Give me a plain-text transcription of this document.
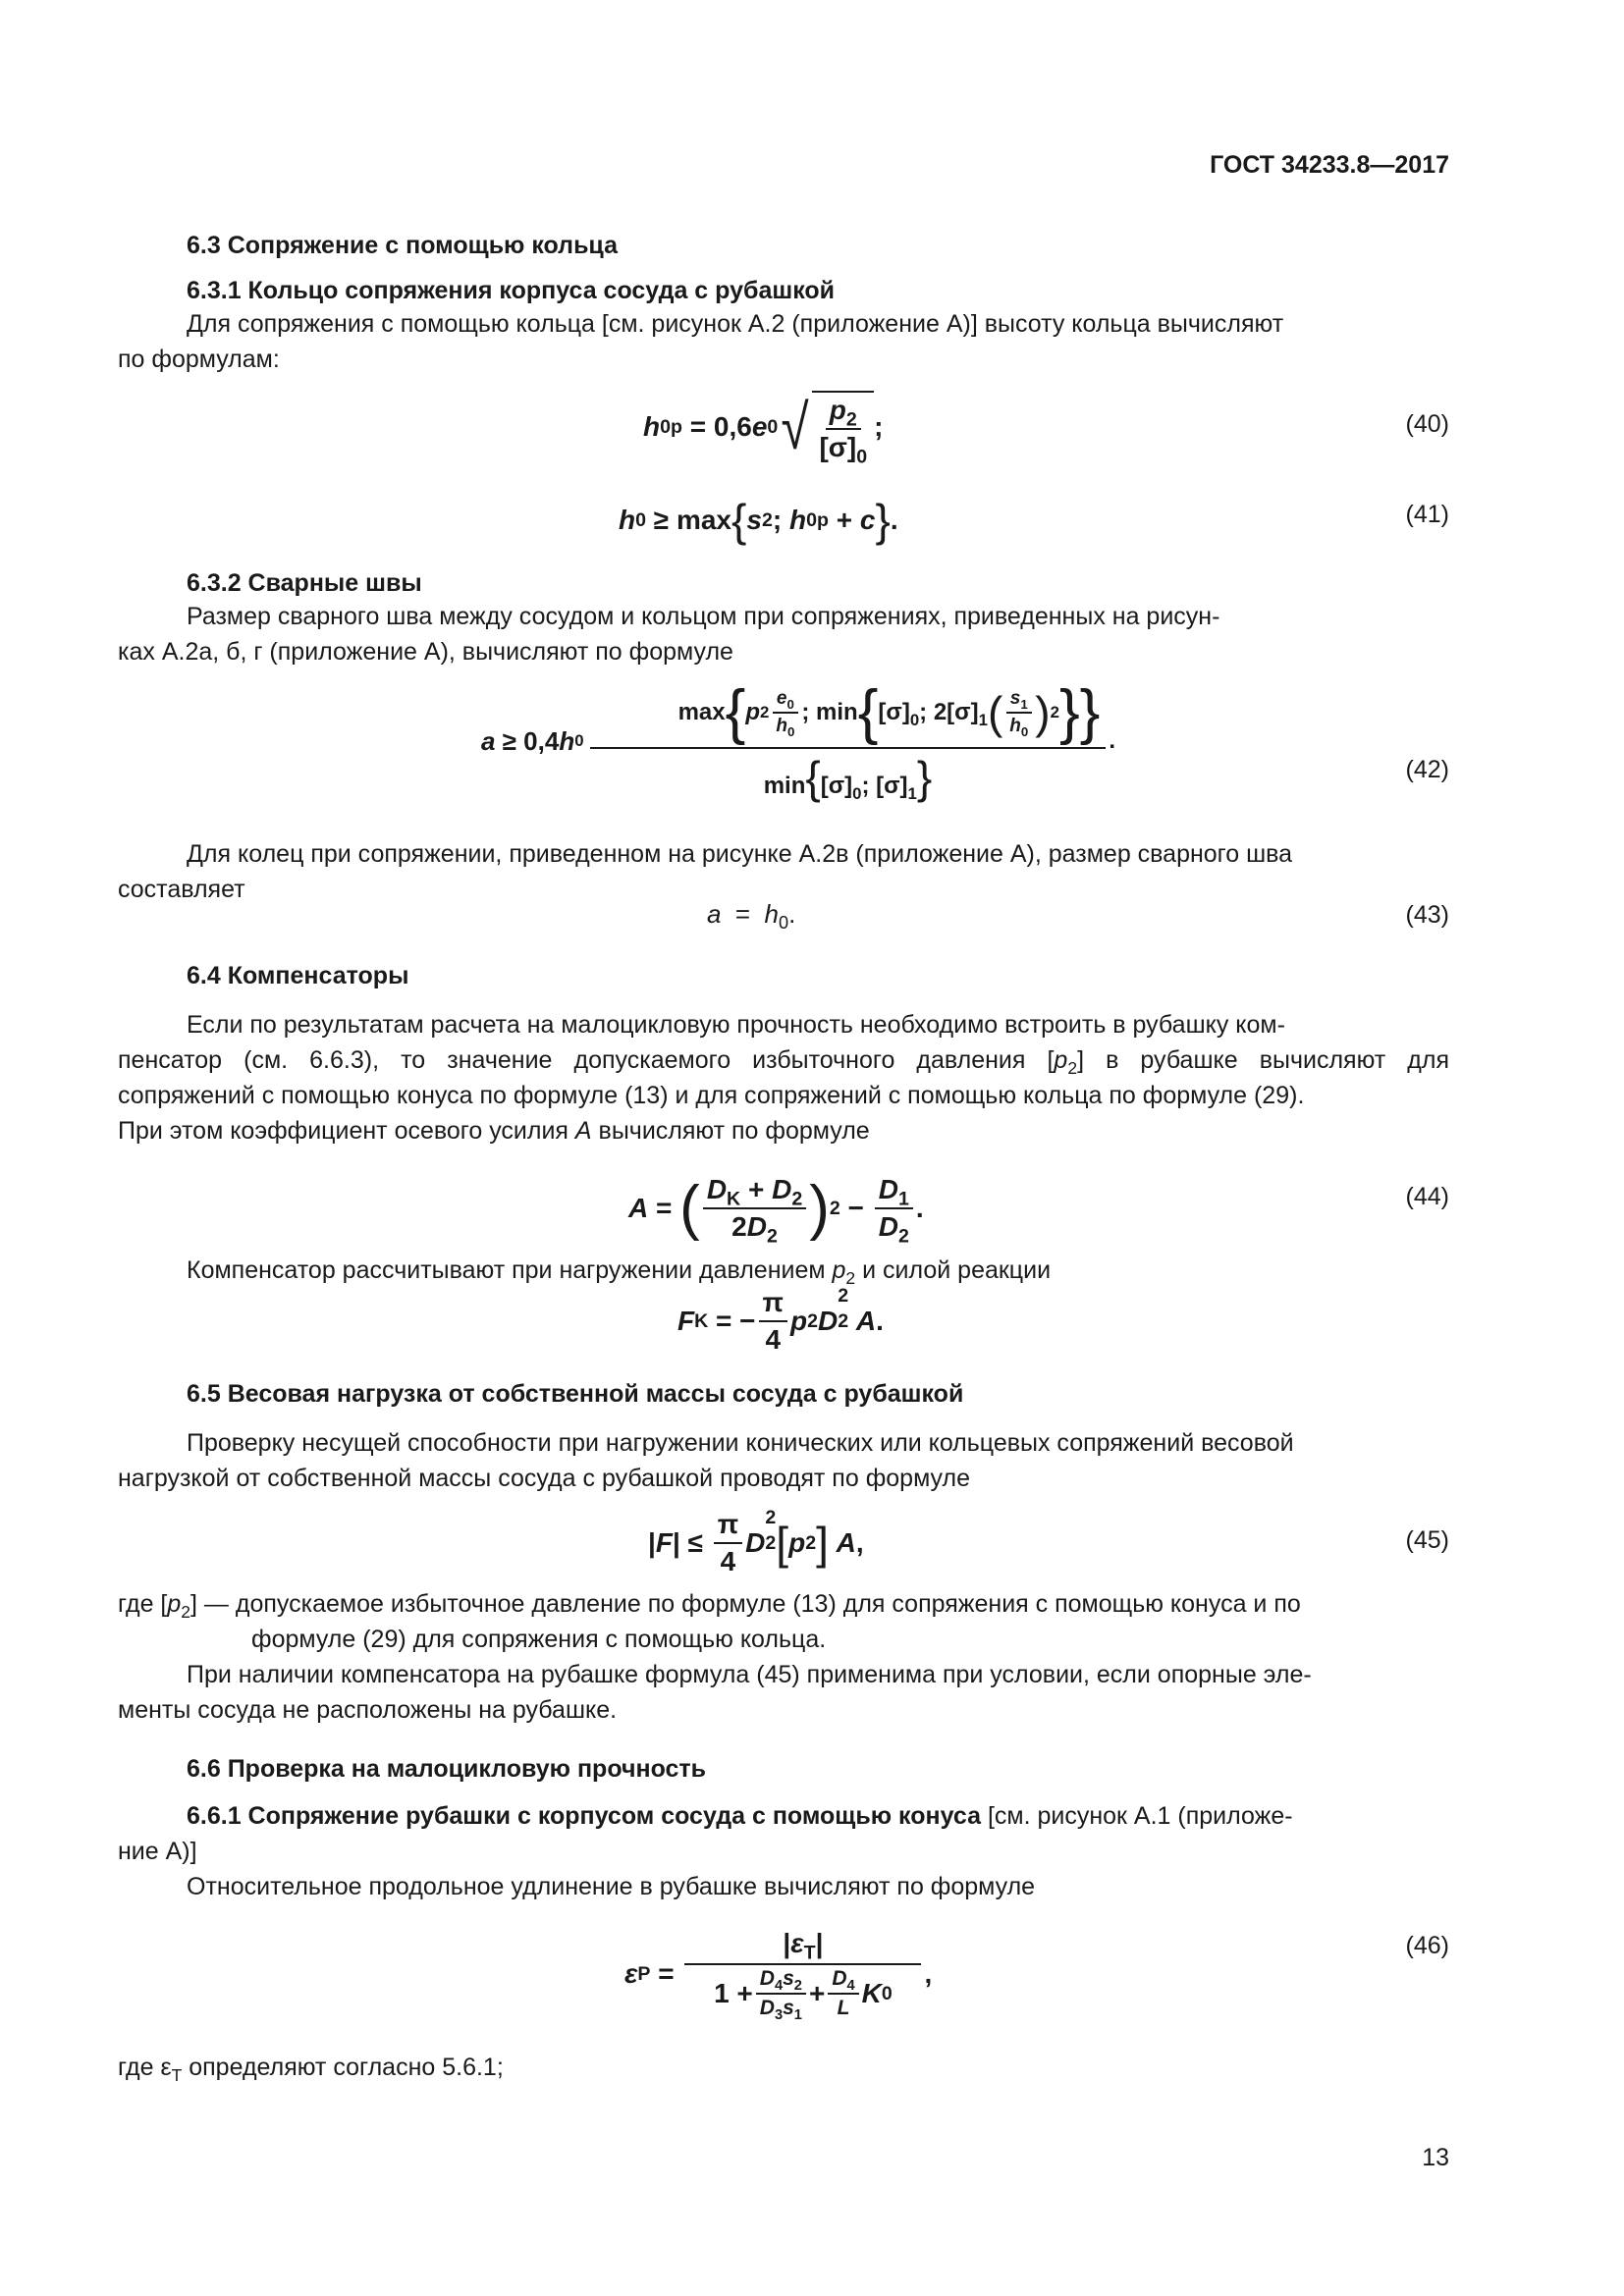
ГОСТ 34233.8—2017
6.3 Сопряжение с помощью кольца
6.3.1 Кольцо сопряжения корпуса сосуда с рубашкой
Для сопряжения с помощью кольца [см. рисунок А.2 (приложение А)] высоту кольца вычисляют
по формулам:
h 0p = 0,6 e 0 √ $\frac{p_2}{[\sigma]_0}$ ;	(40)
h 0 ≥ max { s 2 ; h 0p + c } .	(41)
6.3.2 Сварные швы
Размер сварного шва между сосудом и кольцом при сопряжениях, приведенных на рисун-
ках А.2а, б, г (приложение А), вычисляют по формуле
a ≥ 0,4 h 0
max { p $2 \frac{e_0}{h_0}$ ; min { $[\sigma]_0$; $2[\sigma]_1$ ( $\frac{s_1}{h_0}$ ) 2 } }
$\min\{[\sigma]_0$; $[\sigma]_1$}
.
(42)
Для колец при сопряжении, приведенном на рисунке А.2в (приложение А), размер сварного шва
составляет
$a = h_0$.	(43)
6.4 Компенсаторы
Если по результатам расчета на малоцикловую прочность необходимо встроить в рубашку ком-
пенсатор (см. 6.6.3), то значение допускаемого избыточного давления $[p_2]$ в рубашке вычисляют для
сопряжений с помощью конуса по формуле (13) и для сопряжений с помощью кольца по формуле (29).
При этом коэффициент осевого усилия A вычисляют по формуле
A = ( $\frac{D_K + D_2}{2D_2}$ ) $2 - \frac{D_1}{D_2}$ .	(44)
Компенсатор рассчитывают при нагружении давлением $p_2$ и силой реакции
F K = − $\frac{\pi}{4}$ p 2 D
2
2 A .
6.5 Весовая нагрузка от собственной массы сосуда с рубашкой
Проверку несущей способности при нагружении конических или кольцевых сопряжений весовой
нагрузкой от собственной массы сосуда с рубашкой проводят по формуле
| F | ≤ $\frac{\pi}{4}$ D
2
2 [ p 2 ] A ,	(45)
где $[p_2]$ — допускаемое избыточное давление по формуле (13) для сопряжения с помощью конуса и по
формуле (29) для сопряжения с помощью кольца.
При наличии компенсатора на рубашке формула (45) применима при условии, если опорные эле-
менты сосуда не расположены на рубашке.
6.6 Проверка на малоцикловую прочность
6.6.1 Сопряжение рубашки с корпусом сосуда с помощью конуса [см. рисунок А.1 (приложе-
ние А)]
Относительное продольное удлинение в рубашке вычисляют по формуле
ε $P = \frac{|\varepsilon_T|}{1 + \frac{D_4s_2}{D_3s_1} + \frac{D_4}{L} K 0}$ ,
(46)
где $\varepsilon_T$ определяют согласно 5.6.1;
13
